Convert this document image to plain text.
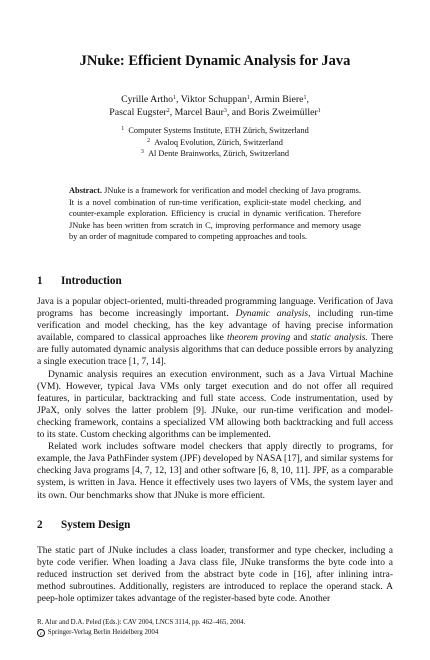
JNuke: Efficient Dynamic Analysis for Java
Cyrille Artho$^1$, Viktor Schuppan$^1$, Armin Biere$^1$,
Pascal Eugster$^2$, Marcel Baur$^3$, and Boris Zweimüller$^1$
$^1$ Computer Systems Institute, ETH Zürich, Switzerland
$^2$ Avaloq Evolution, Zürich, Switzerland
$^3$ Al Dente Brainworks, Zürich, Switzerland
Abstract. JNuke is a framework for verification and model checking of Java programs. It is a novel combination of run-time verification, explicit-state model checking, and counter-example exploration. Efficiency is crucial in dynamic verification. Therefore JNuke has been written from scratch in C, improving performance and memory usage by an order of magnitude compared to competing approaches and tools.
1 Introduction

Java is a popular object-oriented, multi-threaded programming language. Verification of Java programs has become increasingly important. Dynamic analysis, including run-time verification and model checking, has the key advantage of having precise information available, compared to classical approaches like theorem proving and static analysis. There are fully automated dynamic analysis algorithms that can deduce possible errors by analyzing a single execution trace [1, 7, 14].

Dynamic analysis requires an execution environment, such as a Java Virtual Machine (VM). However, typical Java VMs only target execution and do not offer all required features, in particular, backtracking and full state access. Code instrumentation, used by JPaX, only solves the latter problem [9]. JNuke, our run-time verification and model-checking framework, contains a specialized VM allowing both backtracking and full access to its state. Custom checking algorithms can be implemented.

Related work includes software model checkers that apply directly to programs, for example, the Java PathFinder system (JPF) developed by NASA [17], and similar systems for checking Java programs [4, 7, 12, 13] and other software [6, 8, 10, 11]. JPF, as a comparable system, is written in Java. Hence it effectively uses two layers of VMs, the system layer and its own. Our benchmarks show that JNuke is more efficient.

2 System Design

The static part of JNuke includes a class loader, transformer and type checker, including a byte code verifier. When loading a Java class file, JNuke transforms the byte code into a reduced instruction set derived from the abstract byte code in [16], after inlining intra-method subroutines. Additionally, registers are introduced to replace the operand stack. A peep-hole optimizer takes advantage of the register-based byte code. Another

R. Alur and D.A. Peled (Eds.): CAV 2004, LNCS 3114, pp. 462–465, 2004.
c Springer-Verlag Berlin Heidelberg 2004
